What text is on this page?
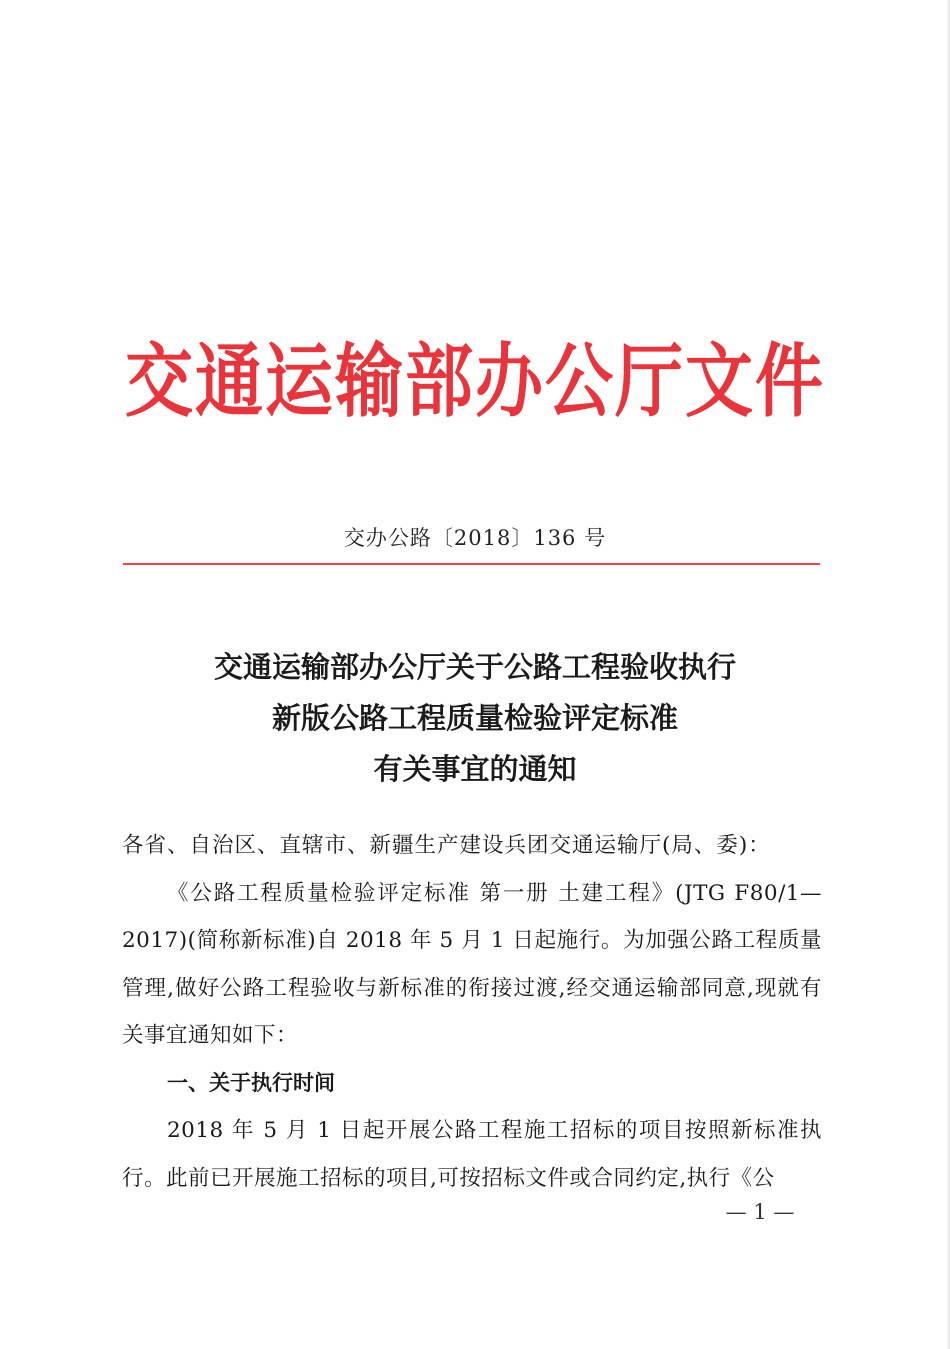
交通运输部办公厅文件
交办公路〔2018〕136 号
交通运输部办公厅关于公路工程验收执行
新版公路工程质量检验评定标准
有关事宜的通知

各省、自治区、直辖市、新疆生产建设兵团交通运输厅(局、委)：

《公路工程质量检验评定标准 第一册 土建工程》(JTG F80/1—2017)(简称新标准)自 2018 年 5 月 1 日起施行。为加强公路工程质量管理,做好公路工程验收与新标准的衔接过渡,经交通运输部同意,现就有关事宜通知如下：

一、关于执行时间

2018 年 5 月 1 日起开展公路工程施工招标的项目按照新标准执行。此前已开展施工招标的项目,可按招标文件或合同约定,执行《公

— 1 —
